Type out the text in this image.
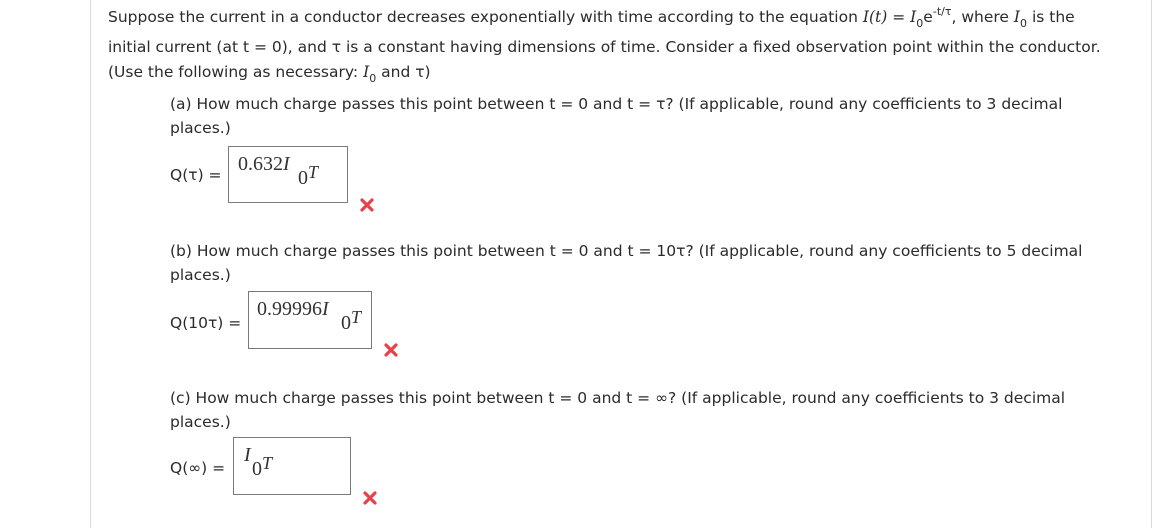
Suppose the current in a conductor decreases exponentially with time according to the equation $I(t) = I_0e^{-t/\tau}$, where $I_0$ is the
initial current (at t = 0), and τ is a constant having dimensions of time. Consider a fixed observation point within the conductor.
(Use the following as necessary: $I_0$ and τ)
(a) How much charge passes this point between t = 0 and t = τ? (If applicable, round any coefficients to 3 decimal places.)
Q(τ) = 0.632I
0T
(b) How much charge passes this point between t = 0 and t = 10τ? (If applicable, round any coefficients to 5 decimal places.)
Q(10τ) =
0.99996I
0T
(c) How much charge passes this point between t = 0 and t = ∞? (If applicable, round any coefficients to 3 decimal places.)
Q(∞) =
I
0T
